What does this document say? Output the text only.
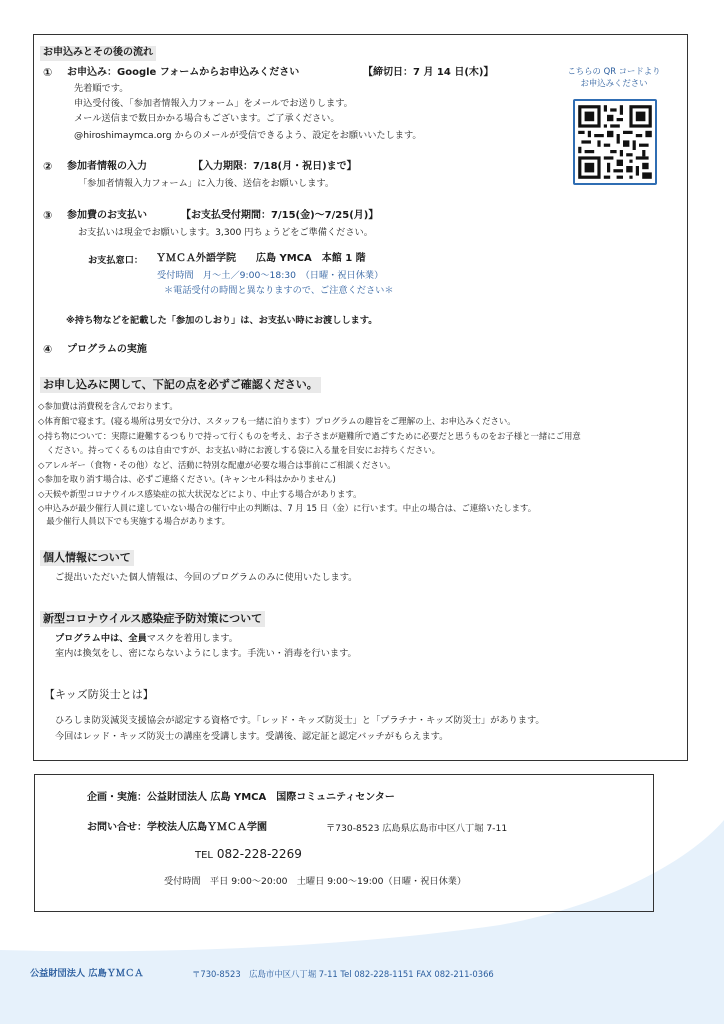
お申込みとその後の流れ
① お申込み：Google フォームからお申込みください	【締切日：7 月 14 日(木)】
先着順です。
申込受付後、「参加者情報入力フォーム」をメールでお送りします。
メール送信まで数日かかる場合もございます。ご了承ください。
@hiroshimaymca.org からのメールが受信できるよう、設定をお願いいたします。
こちらの QR コードより
お申込みください
② 参加者情報の入力	【入力期限：7/18(月・祝日)まで】
「参加者情報入力フォーム」に入力後、送信をお願いします。
③ 参加費のお支払い	【お支払受付期間：7/15(金)〜7/25(月)】
お支払いは現金でお願いします。3,300 円ちょうどをご準備ください。
お支払窓口： ＹＭＣＡ外語学院　　広島 YMCA　本館 1 階
受付時間　月〜土／9:00〜18:30　（日曜・祝日休業）
＊電話受付の時間と異なりますので、ご注意ください＊
※持ち物などを記載した「参加のしおり」は、お支払い時にお渡しします。
④ プログラムの実施
お申し込みに関して、下記の点を必ずご確認ください。
◇参加費は消費税を含んでおります。
◇体育館で寝ます。(寝る場所は男女で分け、スタッフも一緒に泊ります）プログラムの趣旨をご理解の上、お申込みください。
◇持ち物について：実際に避難するつもりで持って行くものを考え、お子さまが避難所で過ごすために必要だと思うものをお子様と一緒にご用意
　ください。持ってくるものは自由ですが、お支払い時にお渡しする袋に入る量を目安にお持ちください。
◇アレルギー（食物・その他）など、活動に特別な配慮が必要な場合は事前にご相談ください。
◇参加を取り消す場合は、必ずご連絡ください。(キャンセル料はかかりません)
◇天候や新型コロナウイルス感染症の拡大状況などにより、中止する場合があります。
◇申込みが最少催行人員に達していない場合の催行中止の判断は、7 月 15 日（金）に行います。中止の場合は、ご連絡いたします。
　最少催行人員以下でも実施する場合があります。
個人情報について
ご提出いただいた個人情報は、今回のプログラムのみに使用いたします。
新型コロナウイルス感染症予防対策について
プログラム中は、全員マスクを着用します。
室内は換気をし、密にならないようにします。手洗い・消毒を行います。
【キッズ防災士とは】
ひろしま防災減災支援協会が認定する資格です。「レッド・キッズ防災士」と「プラチナ・キッズ防災士」があります。
今回はレッド・キッズ防災士の講座を受講します。受講後、認定証と認定バッチがもらえます。
企画・実施：公益財団法人 広島 YMCA　国際コミュニティセンター
お問い合せ：学校法人広島ＹＭＣＡ学園	〒730-8523 広島県広島市中区八丁堀 7-11
TEL 082-228-2269
受付時間　平日 9:00〜20:00　土曜日 9:00〜19:00（日曜・祝日休業）
公益財団法人 広島ＹＭＣＡ	〒730-8523　広島市中区八丁堀 7-11 Tel 082-228-1151 FAX 082-211-0366
